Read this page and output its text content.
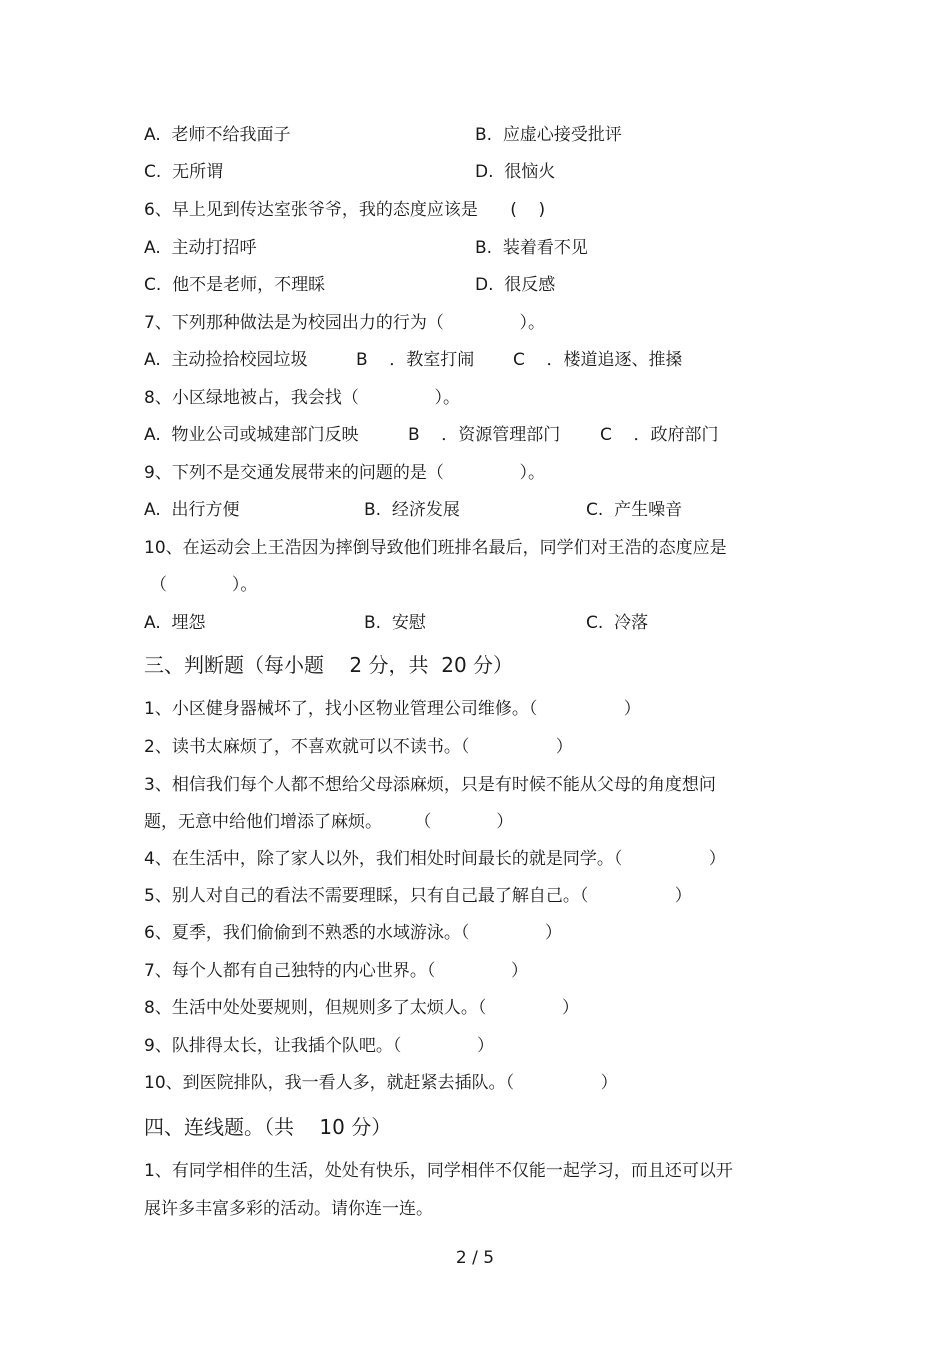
A.  老师不给我面子	B.  应虚心接受批评
C.  无所谓	D.  很恼火
6、早上见到传达室张爷爷，我的态度应该是      (    )
A.  主动打招呼	B.  装着看不见
C.  他不是老师，不理睬	D.  很反感
7、下列那种做法是为校园出力的行为（              ）。
A.  主动捡拾校园垃圾	B    ．教室打闹 C    ．楼道追逐、推搡
8、小区绿地被占，我会找（              ）。
A.  物业公司或城建部门反映	B    ．资源管理部门 C    ．政府部门
9、下列不是交通发展带来的问题的是（              ）。
A.  出行方便	B.  经济发展	C.  产生噪音
10、在运动会上王浩因为摔倒导致他们班排名最后，同学们对王浩的态度应是
（            ）。
A.  埋怨	B.  安慰	C.  冷落
三、判断题（每小题    2 分，共  20 分）
1、小区健身器械坏了，找小区物业管理公司维修。（                ）
2、读书太麻烦了，不喜欢就可以不读书。（                ）
3、相信我们每个人都不想给父母添麻烦，只是有时候不能从父母的角度想问
题，无意中给他们增添了麻烦。      （            ）
4、在生活中，除了家人以外，我们相处时间最长的就是同学。（                ）
5、别人对自己的看法不需要理睬，只有自己最了解自己。（                ）
6、夏季，我们偷偷到不熟悉的水域游泳。（              ）
7、每个人都有自己独特的内心世界。（              ）
8、生活中处处要规则，但规则多了太烦人。（              ）
9、队排得太长，让我插个队吧。（              ）
10、到医院排队，我一看人多，就赶紧去插队。（                ）
四、连线题。（共    10 分）
1、有同学相伴的生活，处处有快乐，同学相伴不仅能一起学习，而且还可以开
展许多丰富多彩的活动。请你连一连。
2 / 5
